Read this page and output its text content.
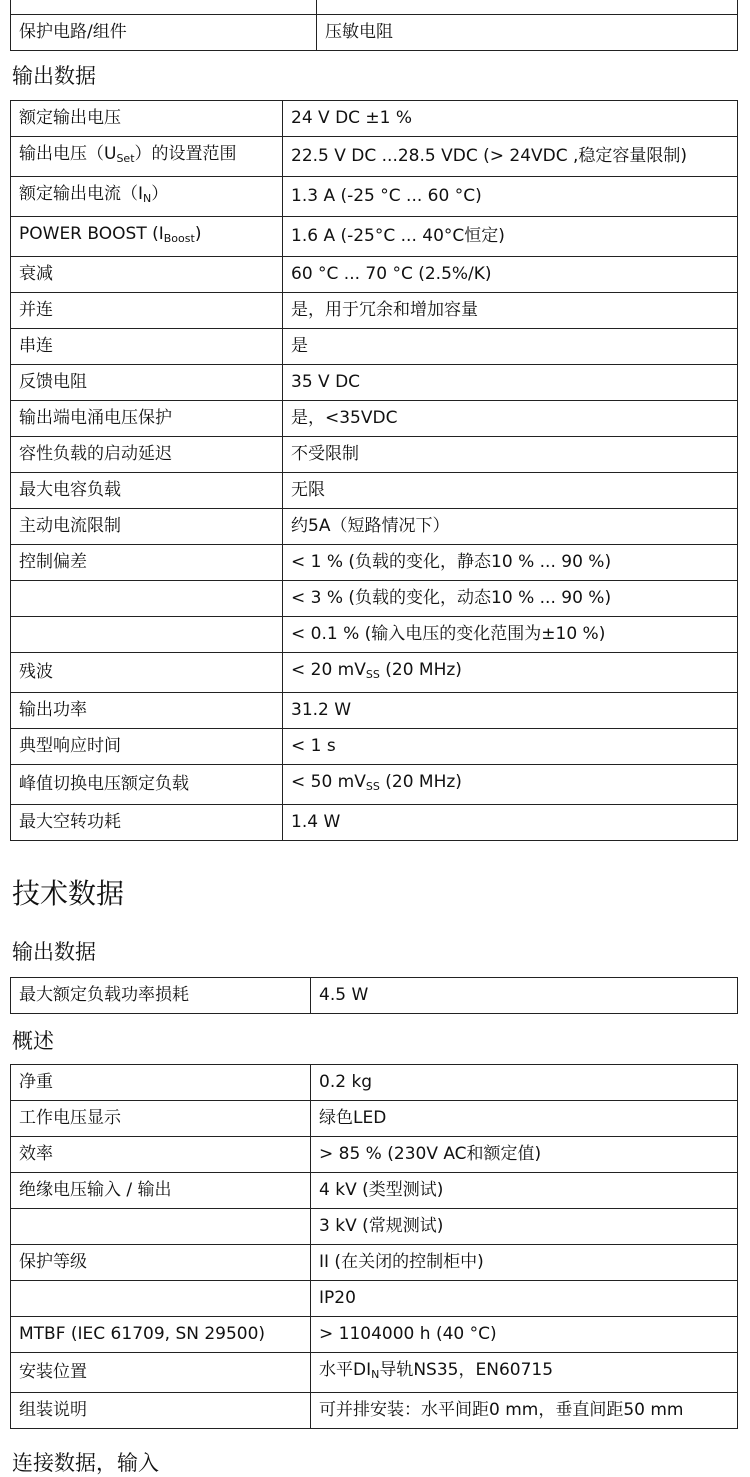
保护电路/组件	压敏电阻
输出数据
额定输出电压	24 V DC ±1 %
输出电压$(U_{Set})$的设置范围	22.5 V DC ...28.5 VDC (> 24VDC ,稳定容量限制)
额定输出电流$(I_N)$	1.3 A (-25 °C ... 60 °C)
POWER BOOST $(I_{Boost})$	1.6 A (-25°C ... 40°C恒定)
衰减	60 °C ... 70 °C (2.5%/K)
并连	是，用于冗余和增加容量
串连	是
反馈电阻	35 V DC
输出端电涌电压保护	是，<35VDC
容性负载的启动延迟	不受限制
最大电容负载	无限
主动电流限制	约5A（短路情况下）
控制偏差	< 1 % (负载的变化，静态10 % ... 90 %)
	< 3 % (负载的变化，动态10 % ... 90 %)
	< 0.1 % (输入电压的变化范围为±10 %)
残波	< 20 $mV_{SS}$ (20 MHz)
输出功率	31.2 W
典型响应时间	< 1 s
峰值切换电压额定负载	< 50 $mV_{SS}$ (20 MHz)
最大空转功耗	1.4 W
技术数据
输出数据
最大额定负载功率损耗	4.5 W
概述
净重	0.2 kg
工作电压显示	绿色LED
效率	> 85 % (230V AC和额定值)
绝缘电压输入 / 输出	4 kV (类型测试)
	3 kV (常规测试)
保护等级	II (在关闭的控制柜中)
	IP20
MTBF (IEC 61709, SN 29500)	> 1104000 h (40 °C)
安装位置	水平$DI_N$导轨NS35，EN60715
组装说明	可并排安装：水平间距0 mm，垂直间距50 mm
连接数据，输入
